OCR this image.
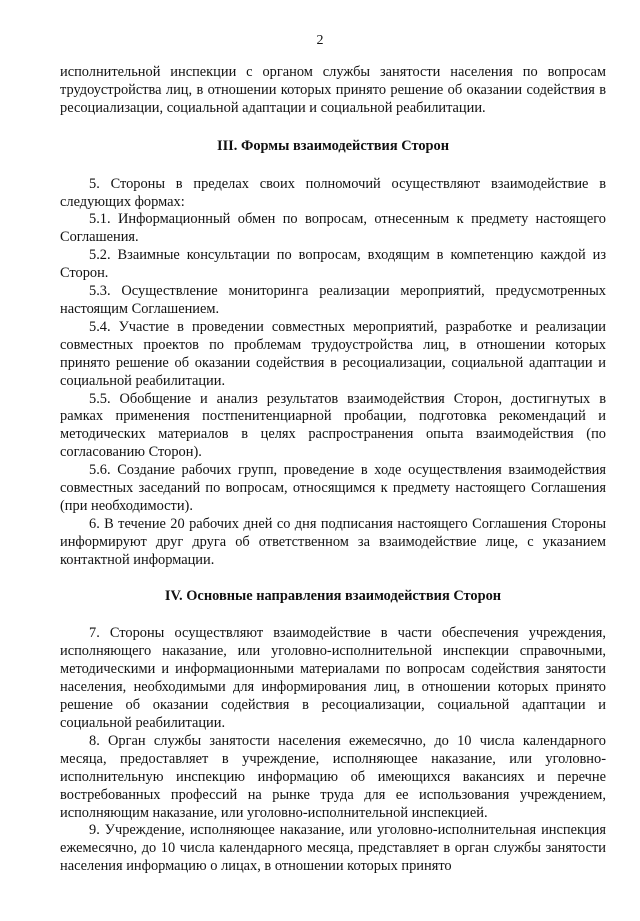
2

исполнительной инспекции с органом службы занятости населения по вопросам трудоустройства лиц, в отношении которых принято решение об оказании содействия в ресоциализации, социальной адаптации и социальной реабилитации.

III. Формы взаимодействия Сторон

5. Стороны в пределах своих полномочий осуществляют взаимодействие в следующих формах:

5.1. Информационный обмен по вопросам, отнесенным к предмету настоящего Соглашения.

5.2. Взаимные консультации по вопросам, входящим в компетенцию каждой из Сторон.

5.3. Осуществление мониторинга реализации мероприятий, предусмотренных настоящим Соглашением.

5.4. Участие в проведении совместных мероприятий, разработке и реализации совместных проектов по проблемам трудоустройства лиц, в отношении которых принято решение об оказании содействия в ресоциализации, социальной адаптации и социальной реабилитации.

5.5. Обобщение и анализ результатов взаимодействия Сторон, достигнутых в рамках применения постпенитенциарной пробации, подготовка рекомендаций и методических материалов в целях распространения опыта взаимодействия (по согласованию Сторон).

5.6. Создание рабочих групп, проведение в ходе осуществления взаимодействия совместных заседаний по вопросам, относящимся к предмету настоящего Соглашения (при необходимости).

6. В течение 20 рабочих дней со дня подписания настоящего Соглашения Стороны информируют друг друга об ответственном за взаимодействие лице, с указанием контактной информации.

IV. Основные направления взаимодействия Сторон

7. Стороны осуществляют взаимодействие в части обеспечения учреждения, исполняющего наказание, или уголовно-исполнительной инспекции справочными, методическими и информационными материалами по вопросам содействия занятости населения, необходимыми для информирования лиц, в отношении которых принято решение об оказании содействия в ресоциализации, социальной адаптации и социальной реабилитации.

8. Орган службы занятости населения ежемесячно, до 10 числа календарного месяца, предоставляет в учреждение, исполняющее наказание, или уголовно-исполнительную инспекцию информацию об имеющихся вакансиях и перечне востребованных профессий на рынке труда для ее использования учреждением, исполняющим наказание, или уголовно-исполнительной инспекцией.

9. Учреждение, исполняющее наказание, или уголовно-исполнительная инспекция ежемесячно, до 10 числа календарного месяца, представляет в орган службы занятости населения информацию о лицах, в отношении которых принято
